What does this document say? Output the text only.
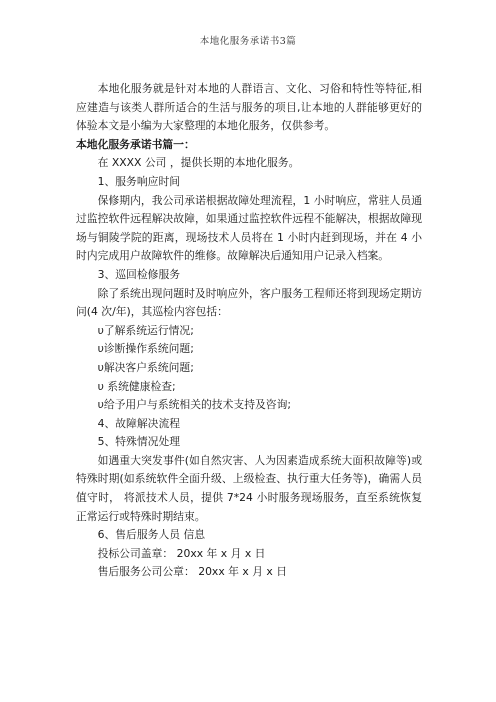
本地化服务承诺书3篇

本地化服务就是针对本地的人群语言、文化、习俗和特性等特征,相应建造与该类人群所适合的生活与服务的项目,让本地的人群能够更好的体验本文是小编为大家整理的本地化服务，仅供参考。

本地化服务承诺书篇一：

在 XXXX 公司 ，提供长期的本地化服务。

1、服务响应时间

保修期内，我公司承诺根据故障处理流程，1 小时响应，常驻人员通过监控软件远程解决故障，如果通过监控软件远程不能解决，根据故障现场与铜陵学院的距离，现场技术人员将在 1 小时内赶到现场，并在 4 小时内完成用户故障软件的维修。故障解决后通知用户记录入档案。

3、巡回检修服务

除了系统出现问题时及时响应外，客户服务工程师还将到现场定期访问(4 次/年)，其巡检内容包括：

υ了解系统运行情况;

υ诊断操作系统问题;

υ解决客户系统问题;

υ 系统健康检查;

υ给予用户与系统相关的技术支持及咨询;

4、故障解决流程

5、特殊情况处理

如遇重大突发事件(如自然灾害、人为因素造成系统大面积故障等)或特殊时期(如系统软件全面升级、上级检查、执行重大任务等)，确需人员值守时， 将派技术人员，提供 7*24 小时服务现场服务，直至系统恢复正常运行或特殊时期结束。

6、售后服务人员 信息

投标公司盖章： 20xx 年 x 月 x 日

售后服务公司公章： 20xx 年 x 月 x 日
